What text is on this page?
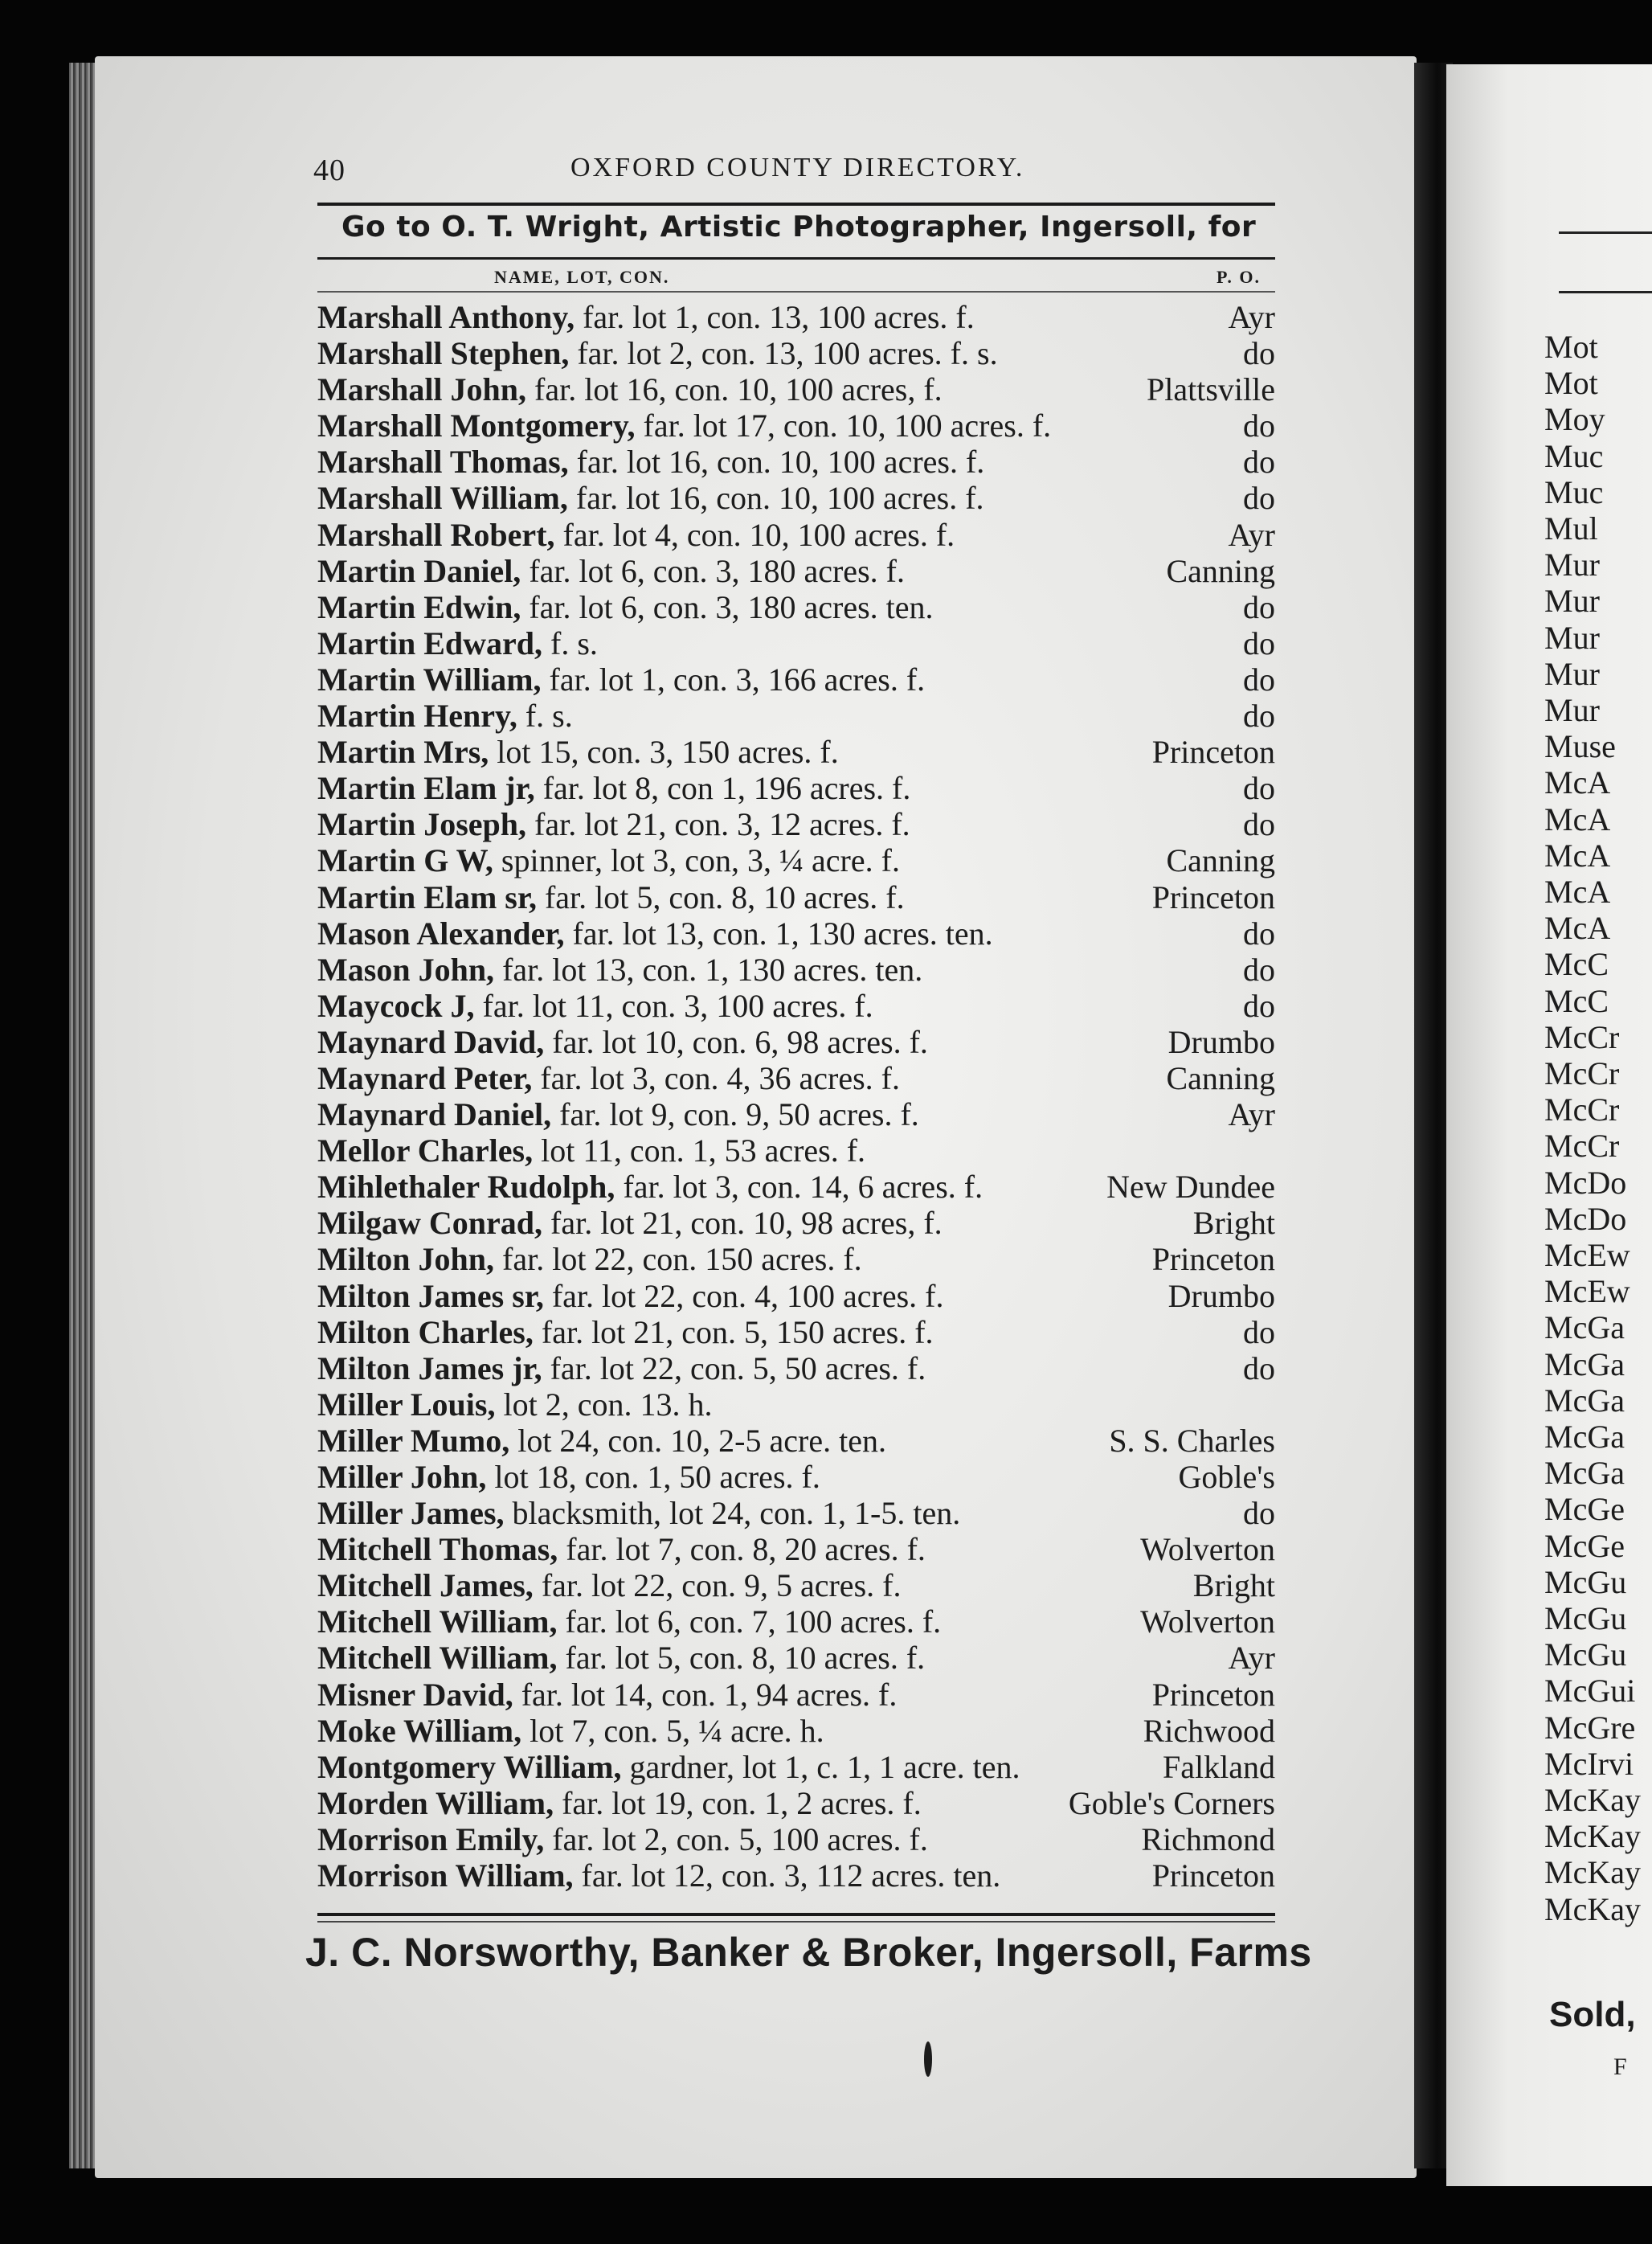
40	OXFORD COUNTY DIRECTORY.
Go to O. T. Wright, Artistic Photographer, Ingersoll, for
NAME, LOT, CON.	P. O.
Marshall Anthony, far. lot 1, con. 13, 100 acres. f.	Ayr
Marshall Stephen, far. lot 2, con. 13, 100 acres. f. s.	do
Marshall John, far. lot 16, con. 10, 100 acres, f.	Plattsville
Marshall Montgomery, far. lot 17, con. 10, 100 acres. f.	do
Marshall Thomas, far. lot 16, con. 10, 100 acres. f.	do
Marshall William, far. lot 16, con. 10, 100 acres. f.	do
Marshall Robert, far. lot 4, con. 10, 100 acres. f.	Ayr
Martin Daniel, far. lot 6, con. 3, 180 acres. f.	Canning
Martin Edwin, far. lot 6, con. 3, 180 acres. ten.	do
Martin Edward, f. s.	do
Martin William, far. lot 1, con. 3, 166 acres. f.	do
Martin Henry, f. s.	do
Martin Mrs, lot 15, con. 3, 150 acres. f.	Princeton
Martin Elam jr, far. lot 8, con 1, 196 acres. f.	do
Martin Joseph, far. lot 21, con. 3, 12 acres. f.	do
Martin G W, spinner, lot 3, con, 3, ¼ acre. f.	Canning
Martin Elam sr, far. lot 5, con. 8, 10 acres. f.	Princeton
Mason Alexander, far. lot 13, con. 1, 130 acres. ten.	do
Mason John, far. lot 13, con. 1, 130 acres. ten.	do
Maycock J, far. lot 11, con. 3, 100 acres. f.	do
Maynard David, far. lot 10, con. 6, 98 acres. f.	Drumbo
Maynard Peter, far. lot 3, con. 4, 36 acres. f.	Canning
Maynard Daniel, far. lot 9, con. 9, 50 acres. f.	Ayr
Mellor Charles, lot 11, con. 1, 53 acres. f.
Mihlethaler Rudolph, far. lot 3, con. 14, 6 acres. f.	New Dundee
Milgaw Conrad, far. lot 21, con. 10, 98 acres, f.	Bright
Milton John, far. lot 22, con. 150 acres. f.	Princeton
Milton James sr, far. lot 22, con. 4, 100 acres. f.	Drumbo
Milton Charles, far. lot 21, con. 5, 150 acres. f.	do
Milton James jr, far. lot 22, con. 5, 50 acres. f.	do
Miller Louis, lot 2, con. 13. h.
Miller Mumo, lot 24, con. 10, 2-5 acre. ten.	S. S. Charles
Miller John, lot 18, con. 1, 50 acres. f.	Goble's
Miller James, blacksmith, lot 24, con. 1, 1-5. ten.	do
Mitchell Thomas, far. lot 7, con. 8, 20 acres. f.	Wolverton
Mitchell James, far. lot 22, con. 9, 5 acres. f.	Bright
Mitchell William, far. lot 6, con. 7, 100 acres. f.	Wolverton
Mitchell William, far. lot 5, con. 8, 10 acres. f.	Ayr
Misner David, far. lot 14, con. 1, 94 acres. f.	Princeton
Moke William, lot 7, con. 5, ¼ acre. h.	Richwood
Montgomery William, gardner, lot 1, c. 1, 1 acre. ten.	Falkland
Morden William, far. lot 19, con. 1, 2 acres. f.	Goble's Corners
Morrison Emily, far. lot 2, con. 5, 100 acres. f.	Richmond
Morrison William, far. lot 12, con. 3, 112 acres. ten.	Princeton
J. C. Norsworthy, Banker & Broker, Ingersoll, Farms
Mot
Mot
Moy
Muc
Muc
Mul
Mur
Mur
Mur
Mur
Mur
Muse
McA
McA
McA
McA
McA
McC
McC
McCr
McCr
McCr
McCr
McDo
McDo
McEw
McEw
McGa
McGa
McGa
McGa
McGa
McGe
McGe
McGu
McGu
McGu
McGui
McGre
McIrvi
McKay
McKay
McKay
McKay
Sold,
F
